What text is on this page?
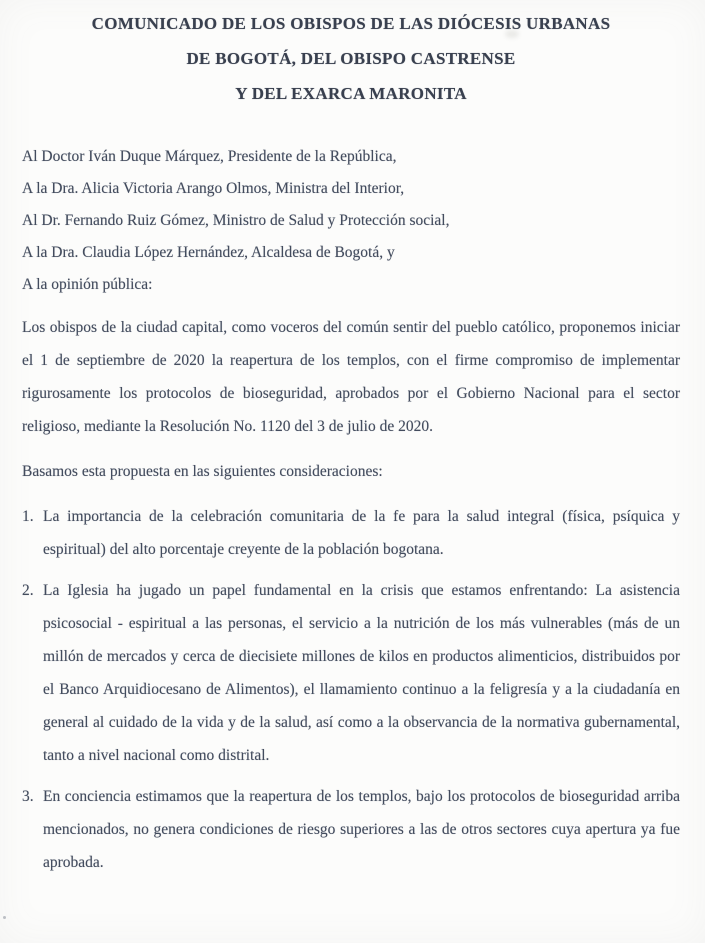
COMUNICADO DE LOS OBISPOS DE LAS DIÓCESIS URBANAS
DE BOGOTÁ, DEL OBISPO CASTRENSE
Y DEL EXARCA MARONITA
Al Doctor Iván Duque Márquez, Presidente de la República,
A la Dra. Alicia Victoria Arango Olmos, Ministra del Interior,
Al Dr. Fernando Ruiz Gómez, Ministro de Salud y Protección social,
A la Dra. Claudia López Hernández, Alcaldesa de Bogotá, y
A la opinión pública:

Los obispos de la ciudad capital, como voceros del común sentir del pueblo católico, proponemos iniciar el 1 de septiembre de 2020 la reapertura de los templos, con el firme compromiso de implementar rigurosamente los protocolos de bioseguridad, aprobados por el Gobierno Nacional para el sector religioso, mediante la Resolución No. 1120 del 3 de julio de 2020.

Basamos esta propuesta en las siguientes consideraciones:

1. La importancia de la celebración comunitaria de la fe para la salud integral (física, psíquica y espiritual) del alto porcentaje creyente de la población bogotana.
2. La Iglesia ha jugado un papel fundamental en la crisis que estamos enfrentando: La asistencia psicosocial - espiritual a las personas, el servicio a la nutrición de los más vulnerables (más de un millón de mercados y cerca de diecisiete millones de kilos en productos alimenticios, distribuidos por el Banco Arquidiocesano de Alimentos), el llamamiento continuo a la feligresía y a la ciudadanía en general al cuidado de la vida y de la salud, así como a la observancia de la normativa gubernamental, tanto a nivel nacional como distrital.
3. En conciencia estimamos que la reapertura de los templos, bajo los protocolos de bioseguridad arriba mencionados, no genera condiciones de riesgo superiores a las de otros sectores cuya apertura ya fue aprobada.
